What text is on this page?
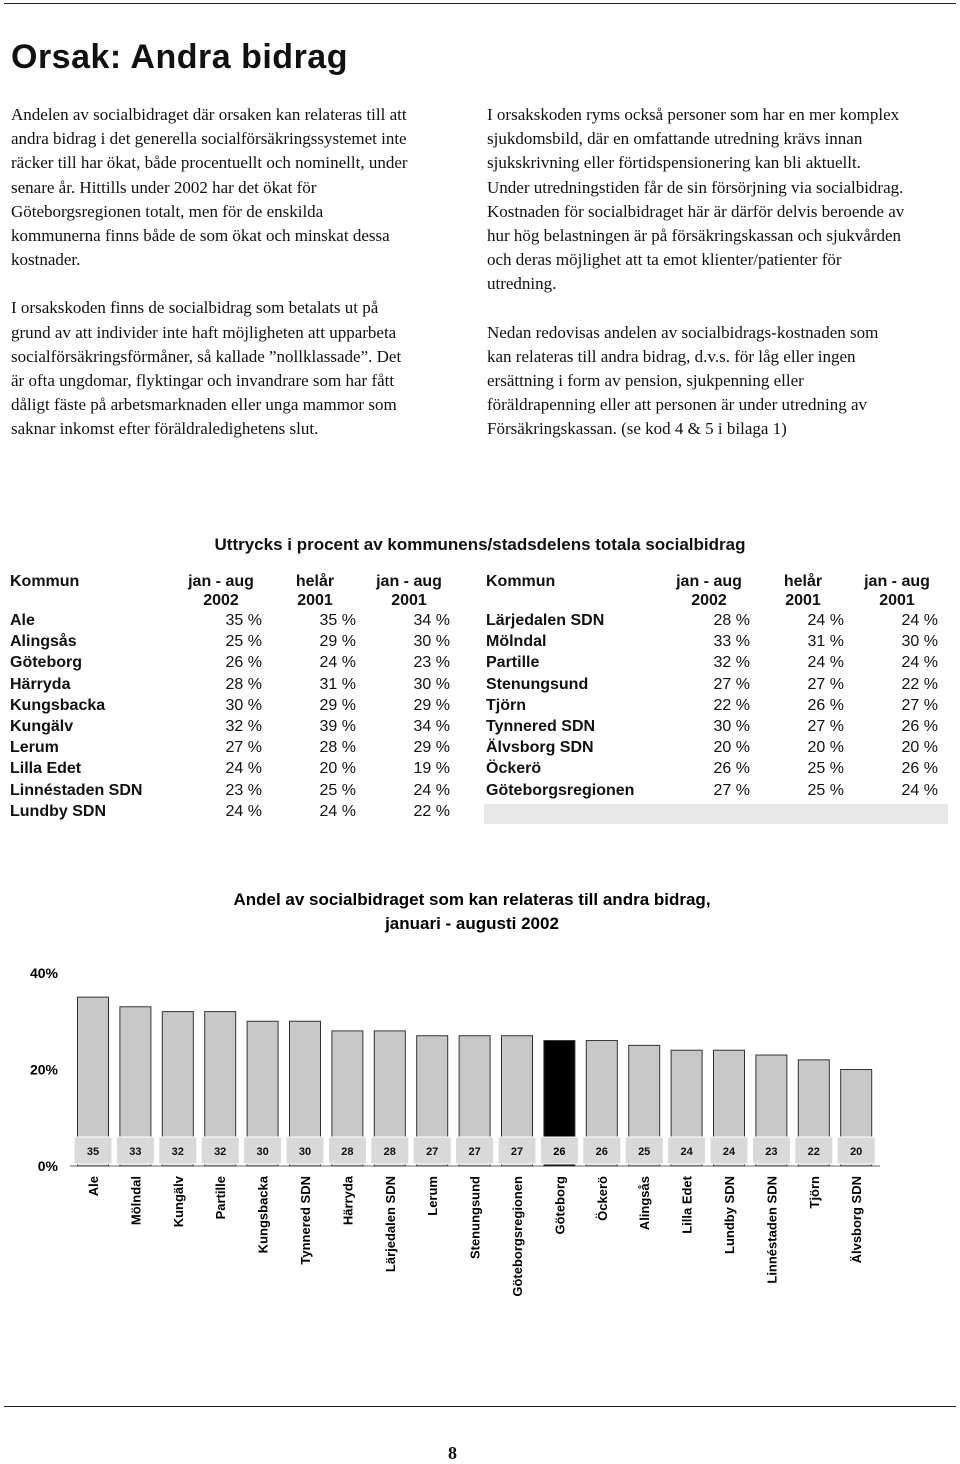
Orsak: Andra bidrag

Andelen av socialbidraget där orsaken kan relateras till att andra bidrag i det generella socialförsäkringssystemet inte räcker till har ökat, både procentuellt och nominellt, under senare år. Hittills under 2002 har det ökat för Göteborgsregionen totalt, men för de enskilda kommunerna finns både de som ökat och minskat dessa kostnader.

I orsakskoden finns de socialbidrag som betalats ut på grund av att individer inte haft möjligheten att upparbeta socialförsäkringsförmåner, så kallade ”nollklassade”. Det är ofta ungdomar, flyktingar och invandrare som har fått dåligt fäste på arbetsmarknaden eller unga mammor som saknar inkomst efter föräldraledighetens slut.

I orsakskoden ryms också personer som har en mer komplex sjukdomsbild, där en omfattande utredning krävs innan sjukskrivning eller förtidspensionering kan bli aktuellt. Under utredningstiden får de sin försörjning via socialbidrag. Kostnaden för socialbidraget här är därför delvis beroende av hur hög belastningen är på försäkringskassan och sjukvården och deras möjlighet att ta emot klienter/patienter för utredning.

Nedan redovisas andelen av socialbidrags-kostnaden som kan relateras till andra bidrag, d.v.s. för låg eller ingen ersättning i form av pension, sjukpenning eller föräldrapenning eller att personen är under utredning av Försäkringskassan. (se kod 4 & 5 i bilaga 1)

Uttrycks i procent av kommunens/stadsdelens totala socialbidrag
Kommun	jan - aug	helår	jan - aug
	2002	2001	2001
Ale	35 %	35 %	34 %
Alingsås	25 %	29 %	30 %
Göteborg	26 %	24 %	23 %
Härryda	28 %	31 %	30 %
Kungsbacka	30 %	29 %	29 %
Kungälv	32 %	39 %	34 %
Lerum	27 %	28 %	29 %
Lilla Edet	24 %	20 %	19 %
Linnéstaden SDN	23 %	25 %	24 %
Lundby SDN	24 %	24 %	22 %
Kommun	jan - aug	helår	jan - aug
	2002	2001	2001
Lärjedalen SDN	28 %	24 %	24 %
Mölndal	33 %	31 %	30 %
Partille	32 %	24 %	24 %
Stenungsund	27 %	27 %	22 %
Tjörn	22 %	26 %	27 %
Tynnered SDN	30 %	27 %	26 %
Älvsborg SDN	20 %	20 %	20 %
Öckerö	26 %	25 %	26 %
Göteborgsregionen	27 %	25 %	24 %
Andel av socialbidraget som kan relateras till andra bidrag,
januari - augusti 2002
0%
20%
40%
35
Ale
33
Mölndal
32
Kungälv
32
Partille
30
Kungsbacka
30
Tynnered SDN
28
Härryda
28
Lärjedalen SDN
27
Lerum
27
Stenungsund
27
Göteborgsregionen
26
Göteborg
26
Öckerö
25
Alingsås
24
Lilla Edet
24
Lundby SDN
23
Linnéstaden SDN
22
Tjörn
20
Älvsborg SDN
8
